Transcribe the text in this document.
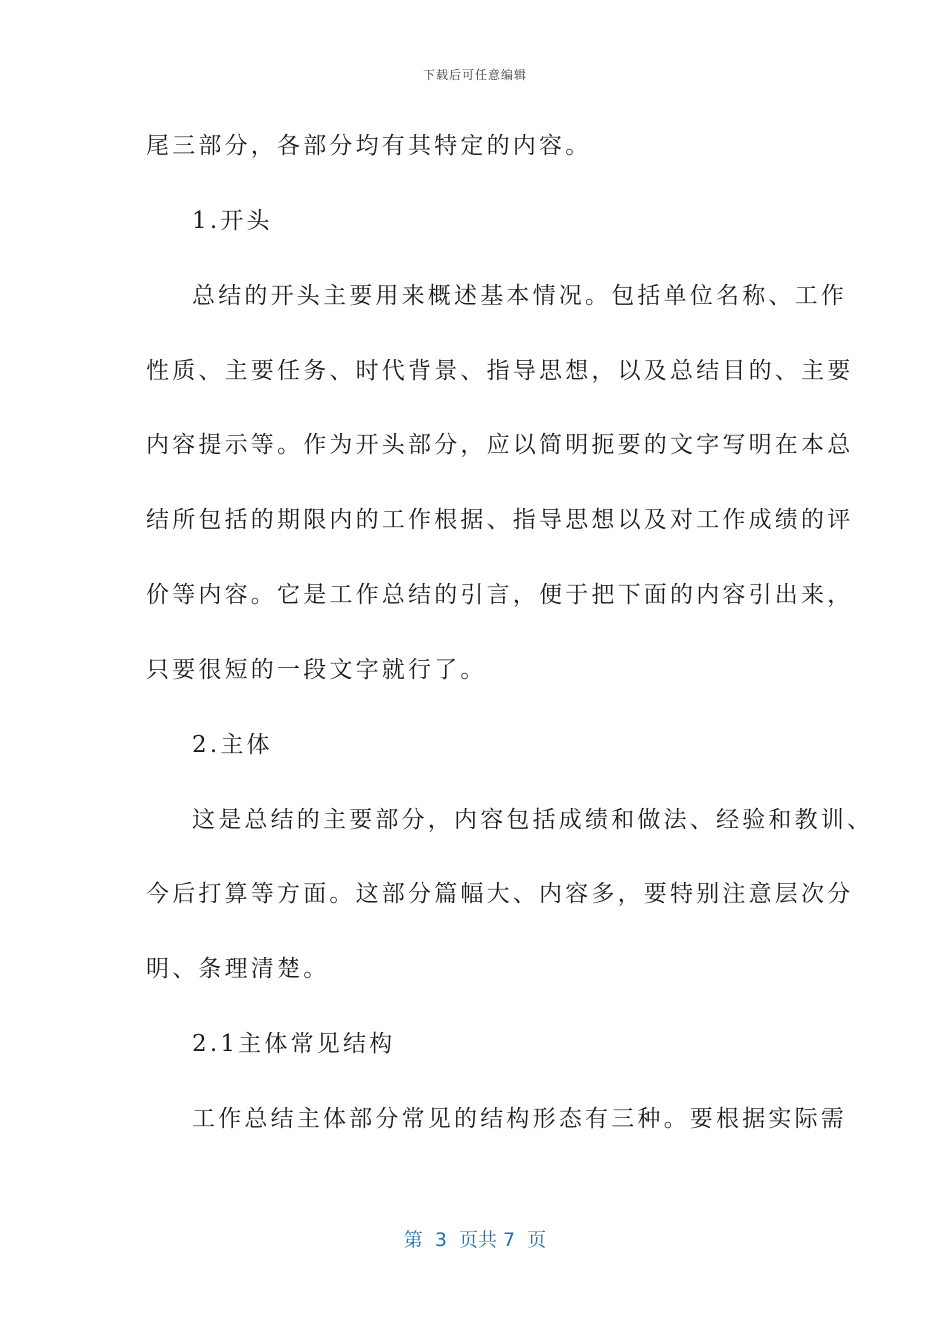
下载后可任意编辑
尾三部分，各部分均有其特定的内容。
1.开头
总结的开头主要用来概述基本情况。包括单位名称、工作
性质、主要任务、时代背景、指导思想，以及总结目的、主要
内容提示等。作为开头部分，应以简明扼要的文字写明在本总
结所包括的期限内的工作根据、指导思想以及对工作成绩的评
价等内容。它是工作总结的引言，便于把下面的内容引出来，
只要很短的一段文字就行了。
2.主体
这是总结的主要部分，内容包括成绩和做法、经验和教训、
今后打算等方面。这部分篇幅大、内容多，要特别注意层次分
明、条理清楚。
2.1主体常见结构
工作总结主体部分常见的结构形态有三种。要根据实际需
第  3  页共 7  页
